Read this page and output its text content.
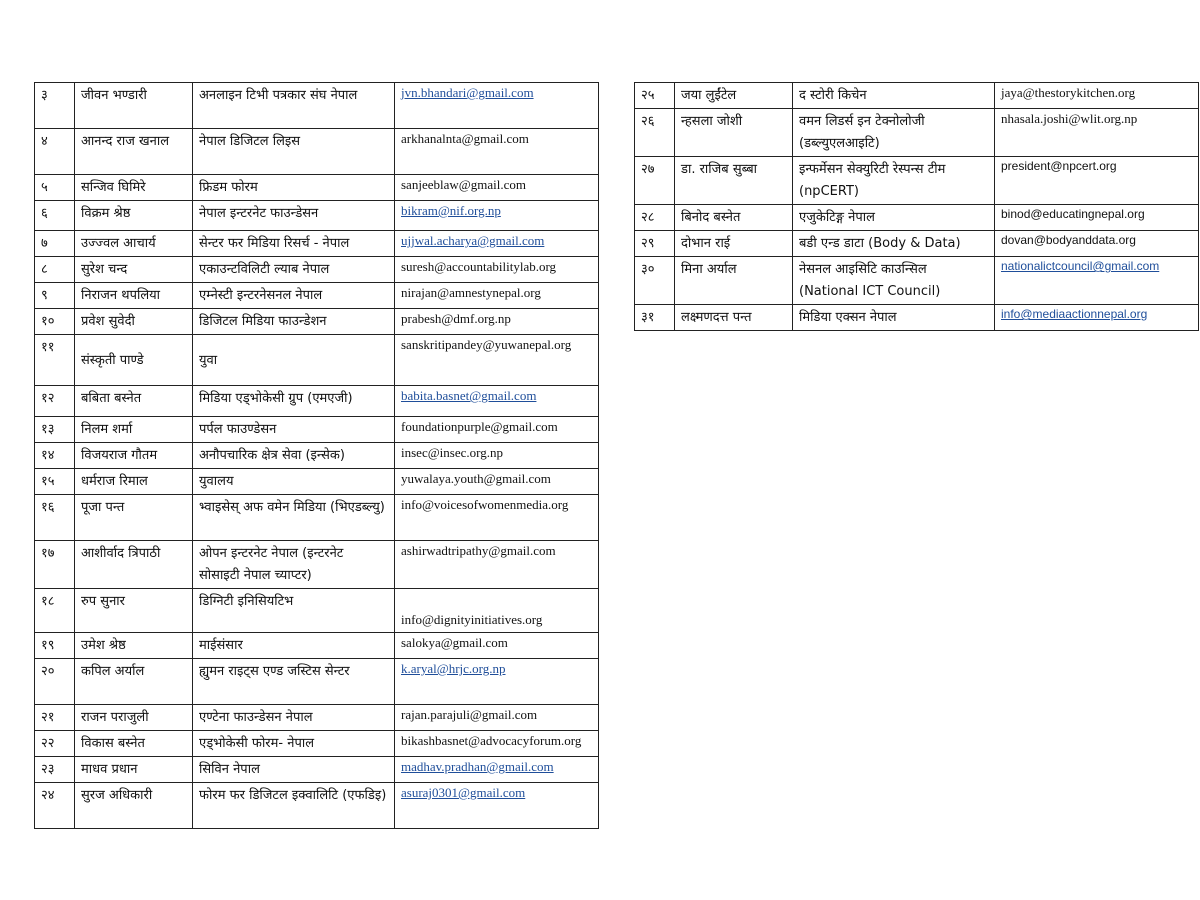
३	जीवन भण्डारी	अनलाइन टिभी पत्रकार संघ नेपाल	jvn.bhandari@gmail.com
४	आनन्द राज खनाल	नेपाल डिजिटल लिइस	arkhanalnta@gmail.com
५	सन्जिव घिमिरे	फ्रिडम फोरम	sanjeeblaw@gmail.com
६	विक्रम श्रेष्ठ	नेपाल इन्टरनेट फाउन्डेसन	bikram@nif.org.np
७	उज्ज्वल आचार्य	सेन्टर फर मिडिया रिसर्च - नेपाल	ujjwal.acharya@gmail.com
८	सुरेश चन्द	एकाउन्टविलिटी ल्याब नेपाल	suresh@accountabilitylab.org
९	निराजन थपलिया	एम्नेस्टी इन्टरनेसनल नेपाल	nirajan@amnestynepal.org
१०	प्रवेश सुवेदी	डिजिटल मिडिया फाउन्डेशन	prabesh@dmf.org.np
११	संस्कृती पाण्डे	युवा	sanskritipandey@yuwanepal.org
१२	बबिता बस्नेत	मिडिया एड्भोकेसी ग्रुप (एमएजी)	babita.basnet@gmail.com
१३	निलम शर्मा	पर्पल फाउण्डेसन	foundationpurple@gmail.com
१४	विजयराज गौतम	अनौपचारिक क्षेत्र सेवा (इन्सेक)	insec@insec.org.np
१५	धर्मराज रिमाल	युवालय	yuwalaya.youth@gmail.com
१६	पूजा पन्त	भ्वाइसेस् अफ वमेन मिडिया (भिएडब्ल्यु)	info@voicesofwomenmedia.org
१७	आशीर्वाद त्रिपाठी	ओपन इन्टरनेट नेपाल (इन्टरनेट सोसाइटी नेपाल च्याप्टर)	ashirwadtripathy@gmail.com
१८	रुप सुनार	डिग्निटी इनिसियटिभ	info@dignityinitiatives.org
१९	उमेश श्रेष्ठ	माईसंसार	salokya@gmail.com
२०	कपिल अर्याल	ह्युमन राइट्स एण्ड जस्टिस सेन्टर	k.aryal@hrjc.org.np
२१	राजन पराजुली	एण्टेना फाउन्डेसन नेपाल	rajan.parajuli@gmail.com
२२	विकास बस्नेत	एड्भोकेसी फोरम- नेपाल	bikashbasnet@advocacyforum.org
२३	माधव प्रधान	सिविन नेपाल	madhav.pradhan@gmail.com
२४	सुरज अधिकारी	फोरम फर डिजिटल इक्वालिटि (एफडिइ)	asuraj0301@gmail.com
२५	जया लुईंटेल	द स्टोरी किचेन	jaya@thestorykitchen.org
२६	न्हसला जोशी	वमन लिडर्स इन टेक्नोलोजी (डब्ल्युएलआइटि)	nhasala.joshi@wlit.org.np
२७	डा. राजिब सुब्बा	इन्फर्मेसन सेक्युरिटी रेस्पन्स टीम (npCERT)	president@npcert.org
२८	बिनोद बस्नेत	एजुकेटिङ्ग नेपाल	binod@educatingnepal.org
२९	दोभान राई	बडी एन्ड डाटा (Body & Data)	dovan@bodyanddata.org
३०	मिना अर्याल	नेसनल आइसिटि काउन्सिल (National ICT Council)	nationalictcouncil@gmail.com
३१	लक्ष्मणदत्त पन्त	मिडिया एक्सन नेपाल	info@mediaactionnepal.org
